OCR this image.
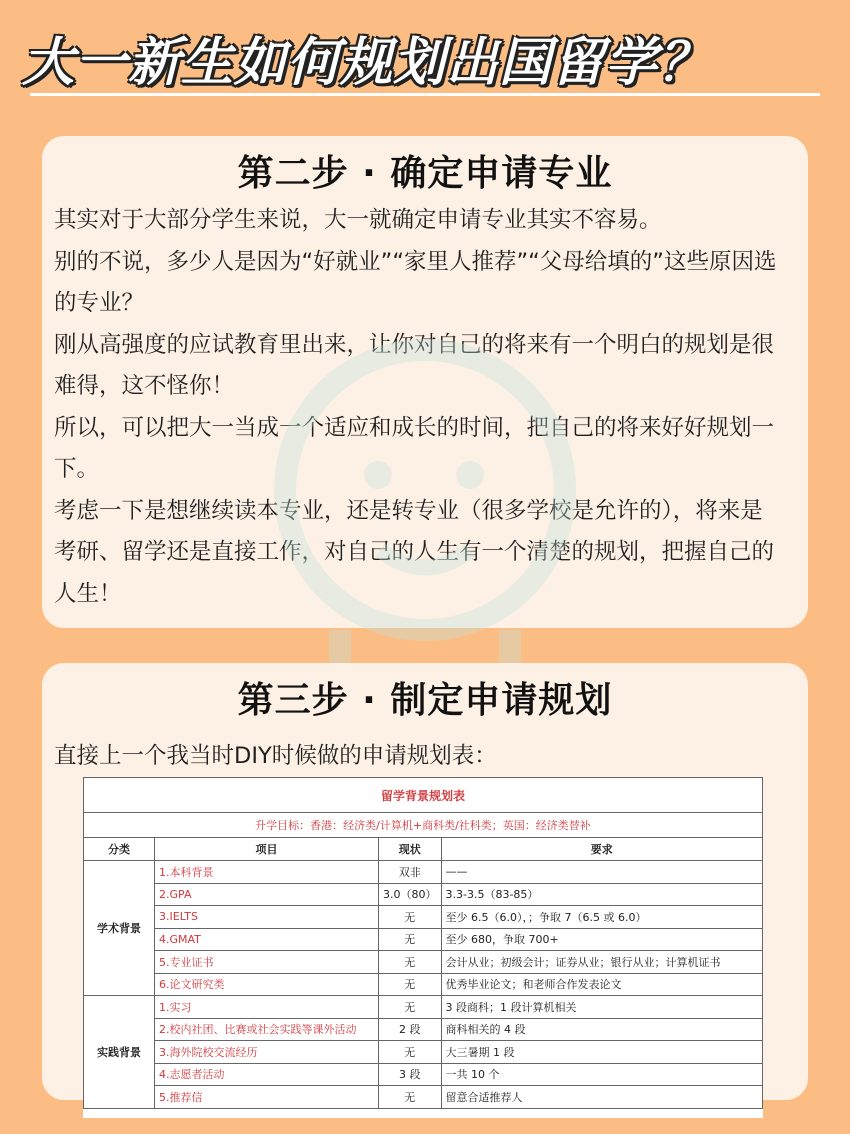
大一新生如何规划出国留学？
第二步 · 确定申请专业

其实对于大部分学生来说，大一就确定申请专业其实不容易。

别的不说，多少人是因为“好就业”“家里人推荐”“父母给填的”这些原因选的专业？

刚从高强度的应试教育里出来，让你对自己的将来有一个明白的规划是很难得，这不怪你！

所以，可以把大一当成一个适应和成长的时间，把自己的将来好好规划一下。

考虑一下是想继续读本专业，还是转专业（很多学校是允许的），将来是考研、留学还是直接工作，对自己的人生有一个清楚的规划，把握自己的人生！

第三步 · 制定申请规划
直接上一个我当时DIY时候做的申请规划表：
留学背景规划表			
升学目标：香港：经济类/计算机+商科类/社科类；英国：经济类替补			
分类	项目	现状	要求
学术背景	1.本科背景	双非	——
	2.GPA	3.0（80）	3.3-3.5（83-85）
	3.IELTS	无	至少 6.5（6.0），；争取 7（6.5 或 6.0）
	4.GMAT	无	至少 680，争取 700+
	5.专业证书	无	会计从业；初级会计；证券从业；银行从业；计算机证书
	6.论文研究类	无	优秀毕业论文；和老师合作发表论文
实践背景	1.实习	无	3 段商科；1 段计算机相关
	2.校内社团、比赛或社会实践等课外活动	2 段	商科相关的 4 段
	3.海外院校交流经历	无	大三暑期 1 段
	4.志愿者活动	3 段	一共 10 个
	5.推荐信	无	留意合适推荐人
